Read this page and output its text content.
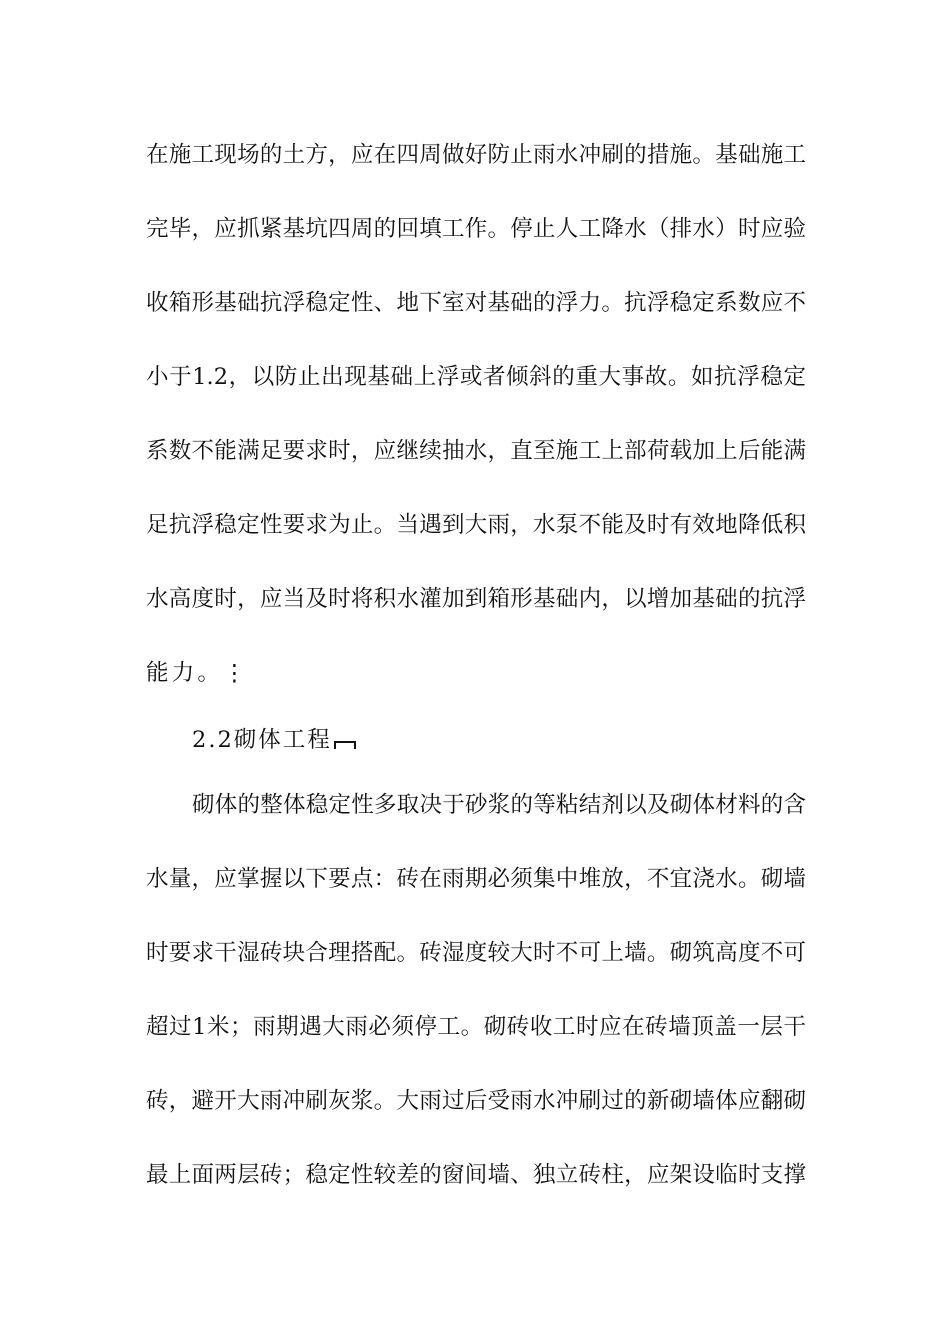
在施工现场的土方，应在四周做好防止雨水冲刷的措施。基础施工
完毕，应抓紧基坑四周的回填工作。停止人工降水（排水）时应验
收箱形基础抗浮稳定性、地下室对基础的浮力。抗浮稳定系数应不
小于1.2，以防止出现基础上浮或者倾斜的重大事故。如抗浮稳定
系数不能满足要求时，应继续抽水，直至施工上部荷载加上后能满
足抗浮稳定性要求为止。当遇到大雨，水泵不能及时有效地降低积
水高度时，应当及时将积水灌加到箱形基础内，以增加基础的抗浮
能力。⋮
2.2砌体工程
砌体的整体稳定性多取决于砂浆的等粘结剂以及砌体材料的含
水量，应掌握以下要点：砖在雨期必须集中堆放，不宜浇水。砌墙
时要求干湿砖块合理搭配。砖湿度较大时不可上墙。砌筑高度不可
超过1米；雨期遇大雨必须停工。砌砖收工时应在砖墙顶盖一层干
砖，避开大雨冲刷灰浆。大雨过后受雨水冲刷过的新砌墙体应翻砌
最上面两层砖；稳定性较差的窗间墙、独立砖柱，应架设临时支撑
